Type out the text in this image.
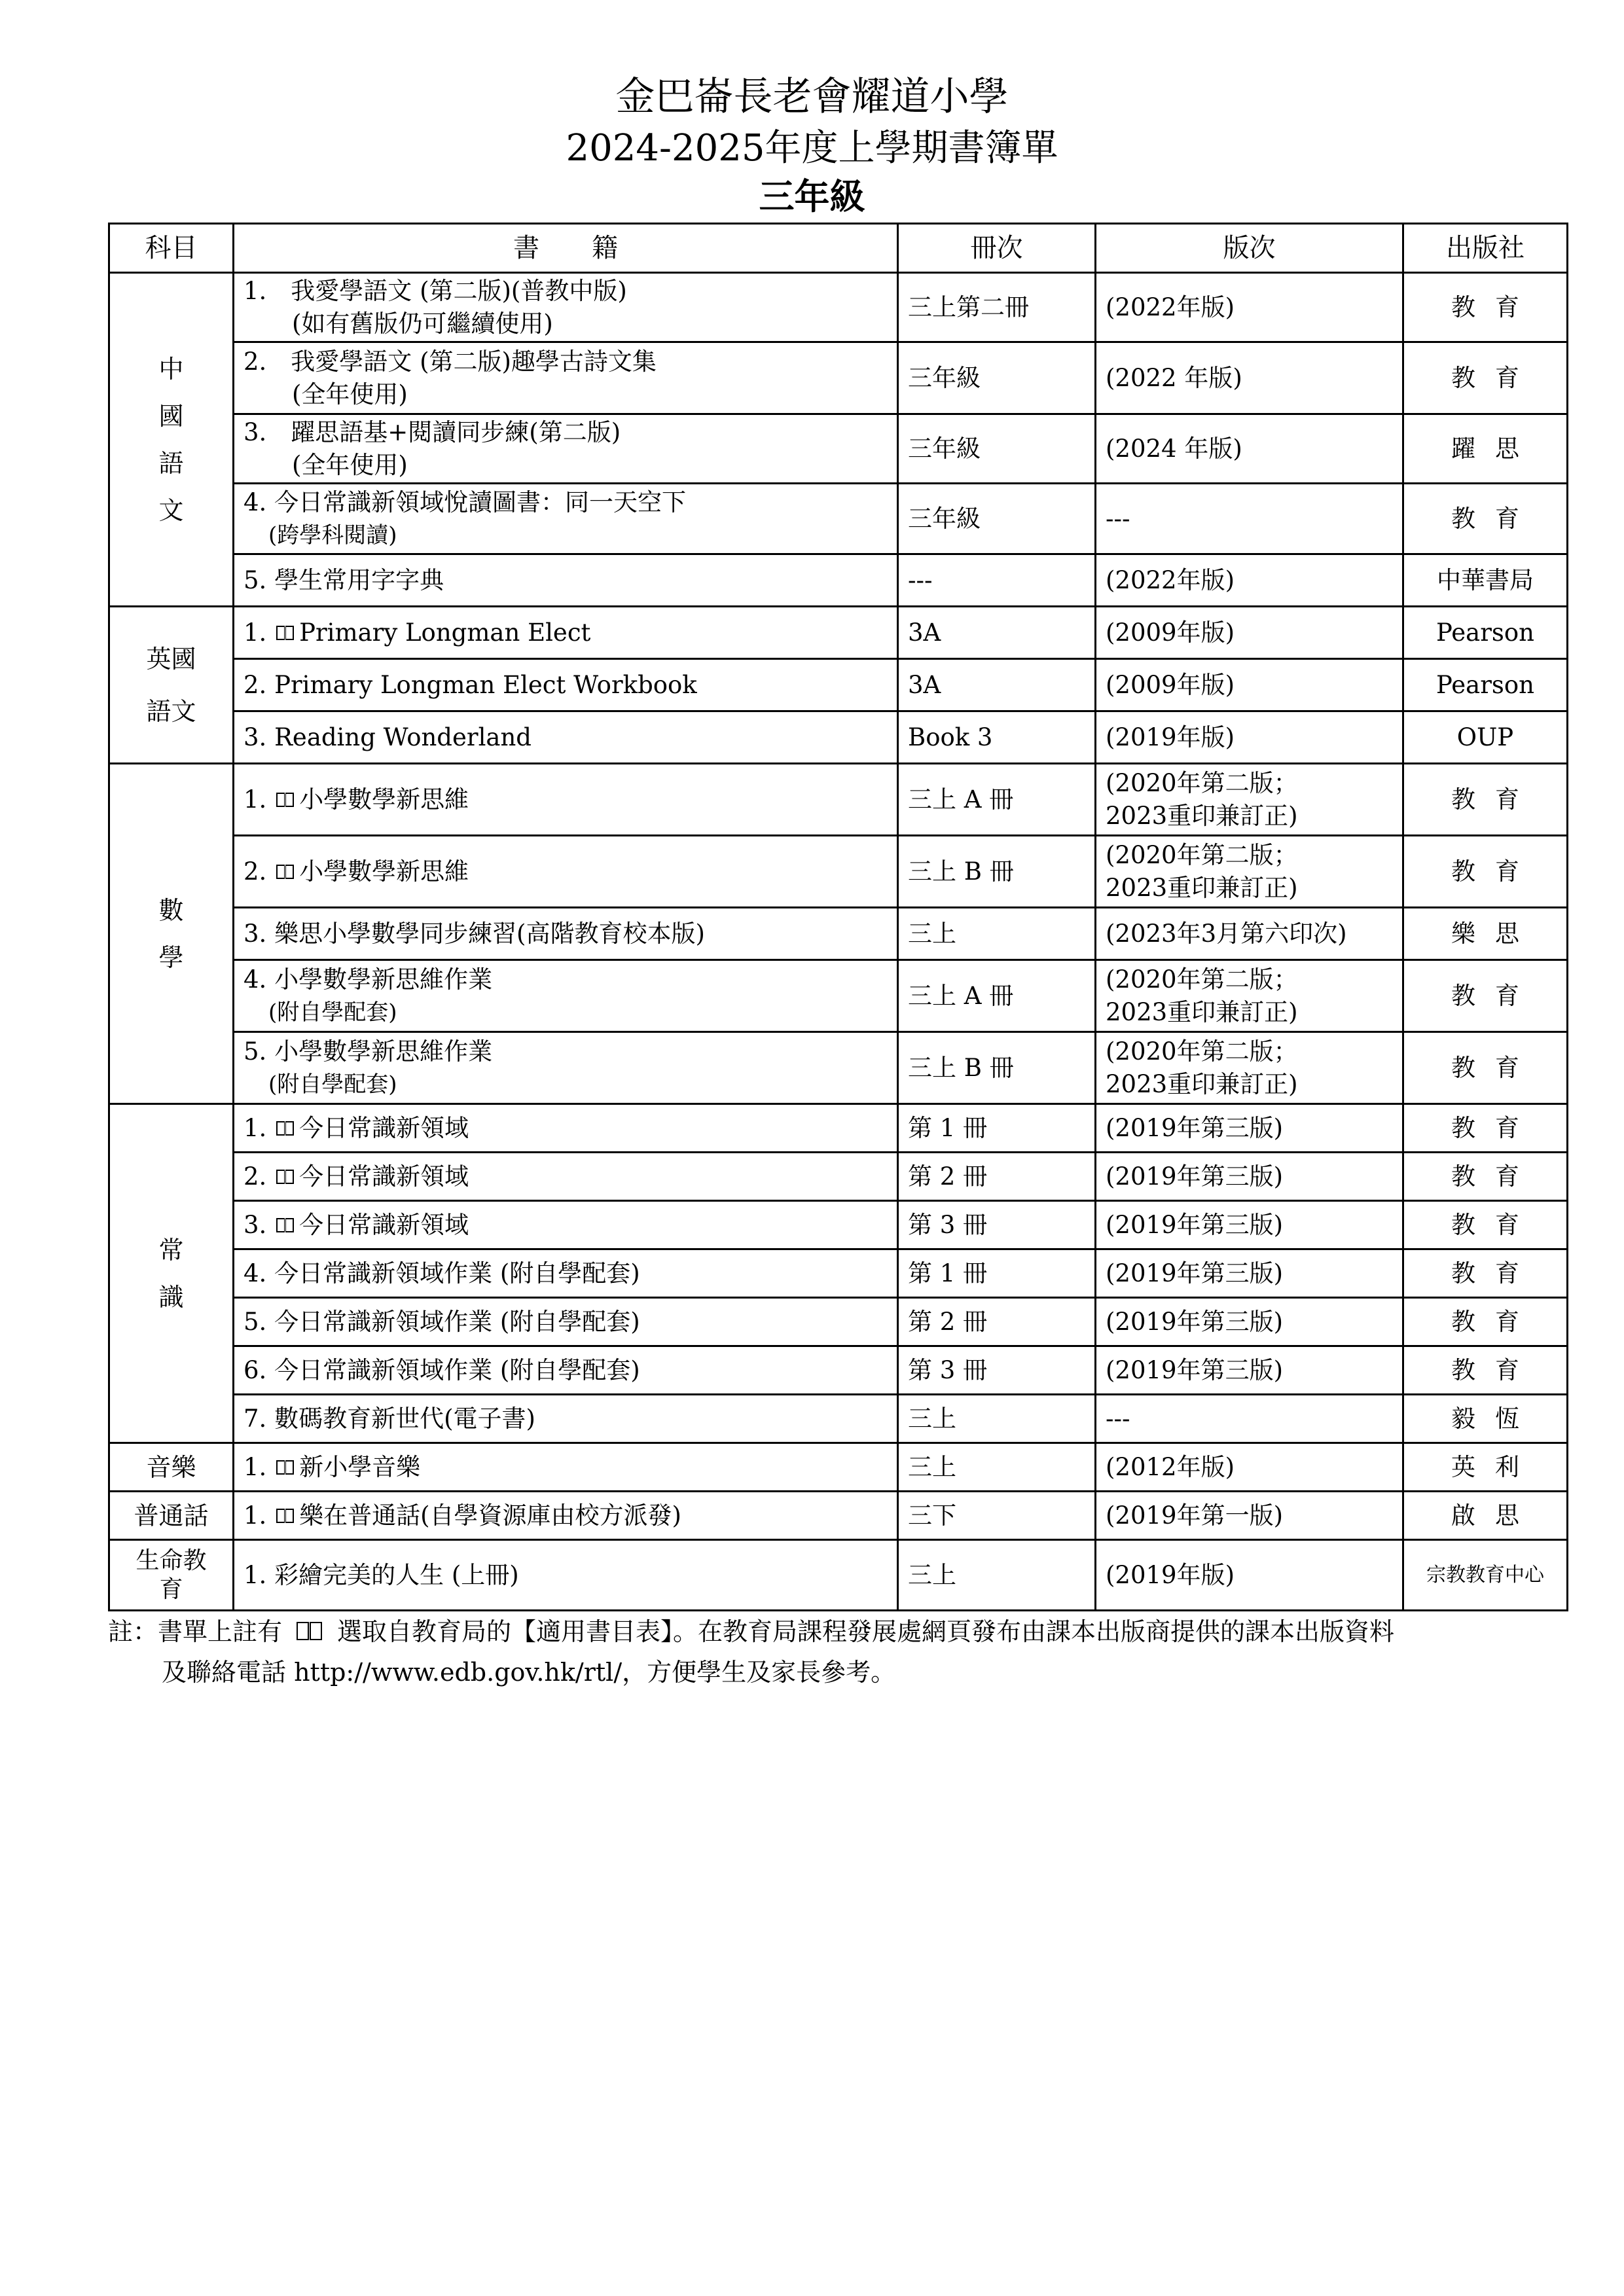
金巴崙長老會耀道小學
2024-2025年度上學期書簿單
三年級
科目	書　　籍	冊次	版次	出版社

中國語文	1.　我愛學語文 (第二版)(普教中版)
(如有舊版仍可繼續使用)	三上第二冊	(2022年版)	教育

	2.　我愛學語文 (第二版)趣學古詩文集
(全年使用)	三年級	(2022 年版)	教育

	3.　躍思語基+閱讀同步練(第二版)
(全年使用)	三年級	(2024 年版)	躍思

	4. 今日常識新領域悅讀圖書：同一天空下
(跨學科閱讀)	三年級	---	教育
	5. 學生常用字字典	---	(2022年版)	中華書局

英國
語文	1. Primary Longman Elect	3A	(2009年版)	Pearson
	2. Primary Longman Elect Workbook	3A	(2009年版)	Pearson
	3. Reading Wonderland	Book 3	(2019年版)	OUP

數學	1. 小學數學新思維	三上 A 冊	(2020年第二版；
2023重印兼訂正)	教育
	2. 小學數學新思維	三上 B 冊	(2020年第二版；
2023重印兼訂正)	教育
	3. 樂思小學數學同步練習(高階教育校本版)	三上	(2023年3月第六印次)	樂思

	4. 小學數學新思維作業
(附自學配套)	三上 A 冊	(2020年第二版；
2023重印兼訂正)	教育

	5. 小學數學新思維作業
(附自學配套)	三上 B 冊	(2020年第二版；
2023重印兼訂正)	教育

常識	1. 今日常識新領域	第 1 冊	(2019年第三版)	教育
	2. 今日常識新領域	第 2 冊	(2019年第三版)	教育
	3. 今日常識新領域	第 3 冊	(2019年第三版)	教育
	4. 今日常識新領域作業 (附自學配套)	第 1 冊	(2019年第三版)	教育
	5. 今日常識新領域作業 (附自學配套)	第 2 冊	(2019年第三版)	教育
	6. 今日常識新領域作業 (附自學配套)	第 3 冊	(2019年第三版)	教育
	7. 數碼教育新世代(電子書)	三上	---	毅恆
音樂	1. 新小學音樂	三上	(2012年版)	英利
普通話	1. 樂在普通話(自學資源庫由校方派發)	三下	(2019年第一版)	啟思

生命教
育	1. 彩繪完美的人生 (上冊)	三上	(2019年版)	宗教教育中心
註：書單上註有 選取自教育局的【適用書目表】。在教育局課程發展處網頁發布由課本出版商提供的課本出版資料
及聯絡電話 http://www.edb.gov.hk/rtl/，方便學生及家長參考。
